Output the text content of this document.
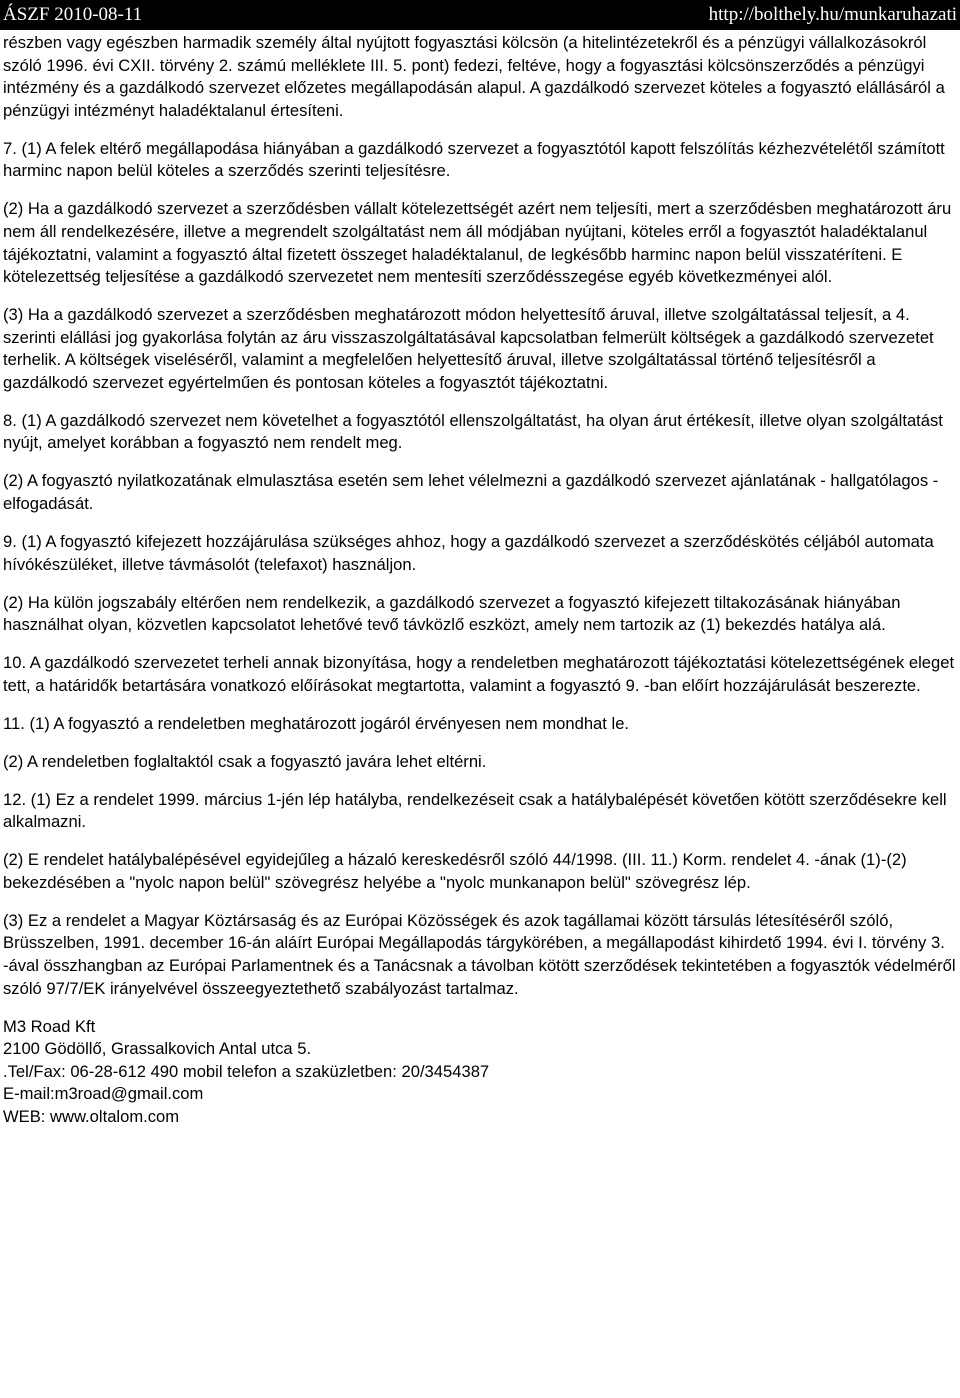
ÁSZF 2010-08-11	http://bolthely.hu/munkaruhazati

részben vagy egészben harmadik személy által nyújtott fogyasztási kölcsön (a hitelintézetekről és a pénzügyi vállalkozásokról szóló 1996. évi CXII. törvény 2. számú melléklete III. 5. pont) fedezi, feltéve, hogy a fogyasztási kölcsönszerződés a pénzügyi intézmény és a gazdálkodó szervezet előzetes megállapodásán alapul. A gazdálkodó szervezet köteles a fogyasztó elállásáról a pénzügyi intézményt haladéktalanul értesíteni.

7. (1) A felek eltérő megállapodása hiányában a gazdálkodó szervezet a fogyasztótól kapott felszólítás kézhezvételétől számított harminc napon belül köteles a szerződés szerinti teljesítésre.

(2) Ha a gazdálkodó szervezet a szerződésben vállalt kötelezettségét azért nem teljesíti, mert a szerződésben meghatározott áru nem áll rendelkezésére, illetve a megrendelt szolgáltatást nem áll módjában nyújtani, köteles erről a fogyasztót haladéktalanul tájékoztatni, valamint a fogyasztó által fizetett összeget haladéktalanul, de legkésőbb harminc napon belül visszatéríteni. E kötelezettség teljesítése a gazdálkodó szervezetet nem mentesíti szerződésszegése egyéb következményei alól.

(3) Ha a gazdálkodó szervezet a szerződésben meghatározott módon helyettesítő áruval, illetve szolgáltatással teljesít, a 4. szerinti elállási jog gyakorlása folytán az áru visszaszolgáltatásával kapcsolatban felmerült költségek a gazdálkodó szervezetet terhelik. A költségek viseléséről, valamint a megfelelően helyettesítő áruval, illetve szolgáltatással történő teljesítésről a gazdálkodó szervezet egyértelműen és pontosan köteles a fogyasztót tájékoztatni.

8. (1) A gazdálkodó szervezet nem követelhet a fogyasztótól ellenszolgáltatást, ha olyan árut értékesít, illetve olyan szolgáltatást nyújt, amelyet korábban a fogyasztó nem rendelt meg.

(2) A fogyasztó nyilatkozatának elmulasztása esetén sem lehet vélelmezni a gazdálkodó szervezet ajánlatának - hallgatólagos - elfogadását.

9. (1) A fogyasztó kifejezett hozzájárulása szükséges ahhoz, hogy a gazdálkodó szervezet a szerződéskötés céljából automata hívókészüléket, illetve távmásolót (telefaxot) használjon.

(2) Ha külön jogszabály eltérően nem rendelkezik, a gazdálkodó szervezet a fogyasztó kifejezett tiltakozásának hiányában használhat olyan, közvetlen kapcsolatot lehetővé tevő távközlő eszközt, amely nem tartozik az (1) bekezdés hatálya alá.

10. A gazdálkodó szervezetet terheli annak bizonyítása, hogy a rendeletben meghatározott tájékoztatási kötelezettségének eleget tett, a határidők betartására vonatkozó előírásokat megtartotta, valamint a fogyasztó 9. -ban előírt hozzájárulását beszerezte.

11. (1) A fogyasztó a rendeletben meghatározott jogáról érvényesen nem mondhat le.

(2) A rendeletben foglaltaktól csak a fogyasztó javára lehet eltérni.

12. (1) Ez a rendelet 1999. március 1-jén lép hatályba, rendelkezéseit csak a hatálybalépését követően kötött szerződésekre kell alkalmazni.

(2) E rendelet hatálybalépésével egyidejűleg a házaló kereskedésről szóló 44/1998. (III. 11.) Korm. rendelet 4. -ának (1)-(2) bekezdésében a "nyolc napon belül" szövegrész helyébe a "nyolc munkanapon belül" szövegrész lép.

(3) Ez a rendelet a Magyar Köztársaság és az Európai Közösségek és azok tagállamai között társulás létesítéséről szóló, Brüsszelben, 1991. december 16-án aláírt Európai Megállapodás tárgykörében, a megállapodást kihirdető 1994. évi I. törvény 3. -ával összhangban az Európai Parlamentnek és a Tanácsnak a távolban kötött szerződések tekintetében a fogyasztók védelméről szóló 97/7/EK irányelvével összeegyeztethető szabályozást tartalmaz.

M3 Road Kft
2100 Gödöllő, Grassalkovich Antal utca 5.
.Tel/Fax: 06-28-612 490 mobil telefon a szaküzletben: 20/3454387
E-mail:m3road@gmail.com
WEB: www.oltalom.com
